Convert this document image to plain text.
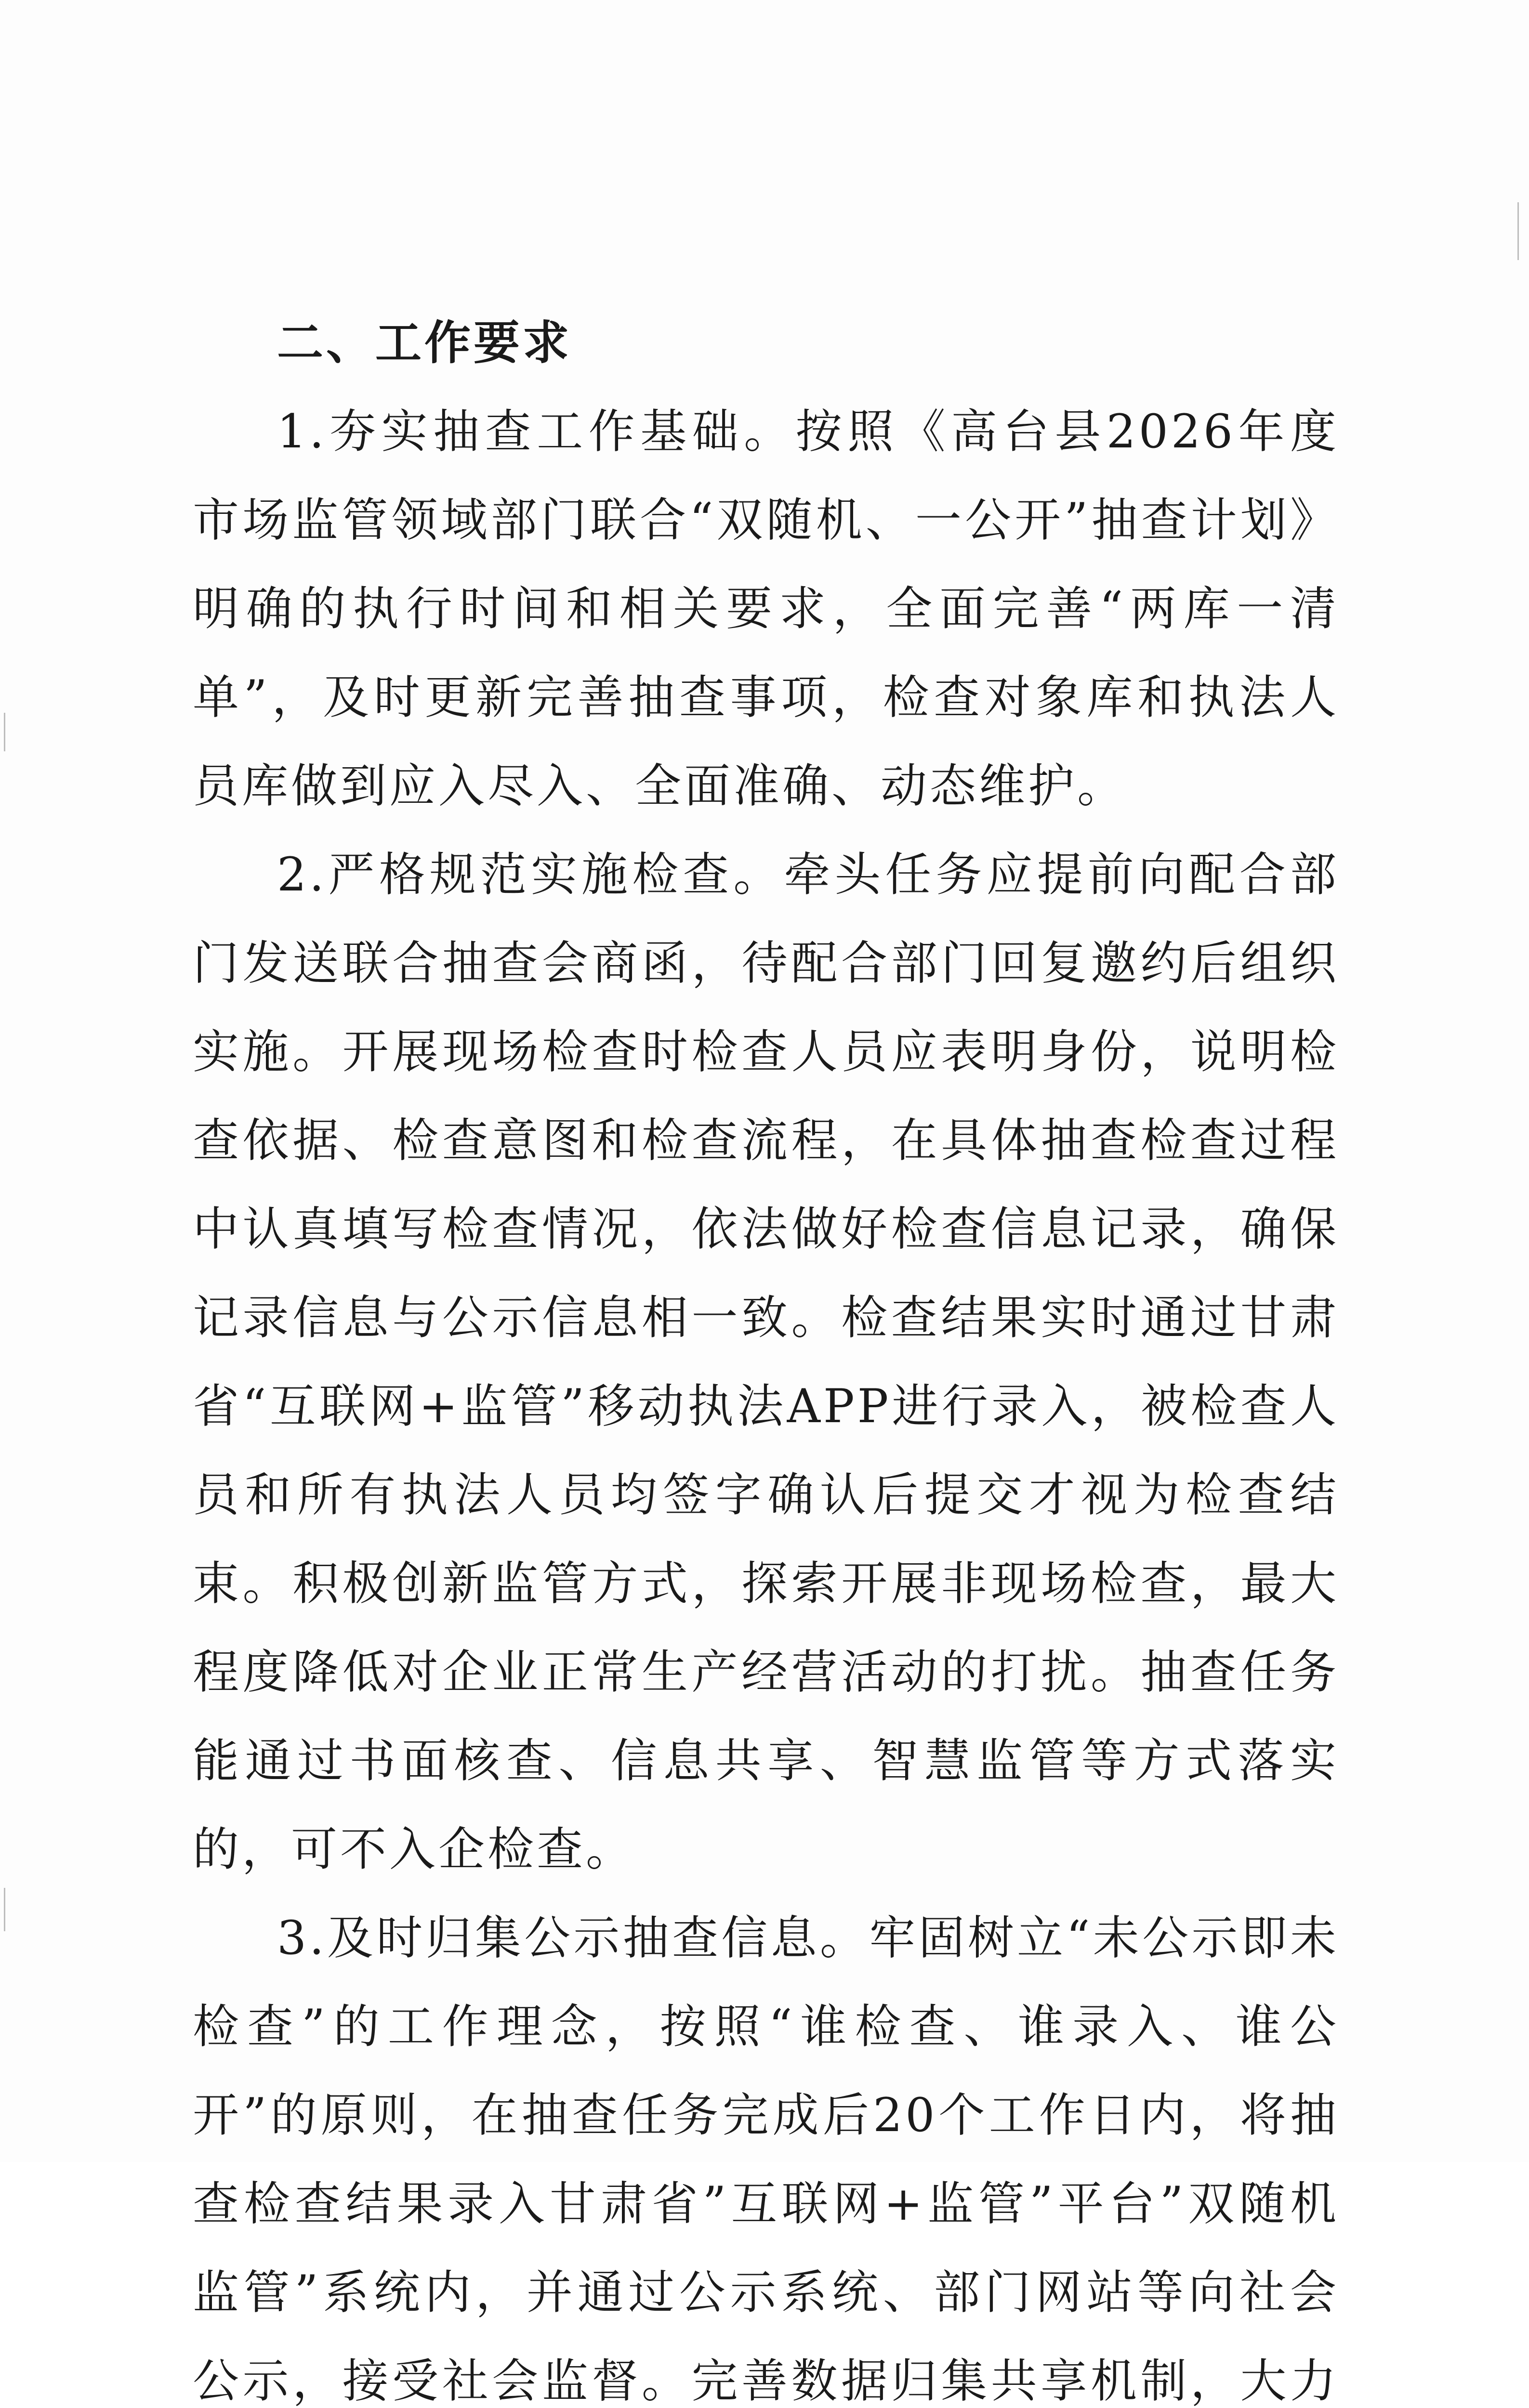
二、工作要求

1.夯实抽查工作基础。按照《高台县2026年度市场监管领域部门联合“双随机、一公开”抽查计划》明确的执行时间和相关要求，全面完善“两库一清单”，及时更新完善抽查事项，检查对象库和执法人员库做到应入尽入、全面准确、动态维护。

2.严格规范实施检查。牵头任务应提前向配合部门发送联合抽查会商函，待配合部门回复邀约后组织实施。开展现场检查时检查人员应表明身份，说明检查依据、检查意图和检查流程，在具体抽查检查过程中认真填写检查情况，依法做好检查信息记录，确保记录信息与公示信息相一致。检查结果实时通过甘肃省“互联网+监管”移动执法APP进行录入，被检查人员和所有执法人员均签字确认后提交才视为检查结束。积极创新监管方式，探索开展非现场检查，最大程度降低对企业正常生产经营活动的打扰。抽查任务能通过书面核查、信息共享、智慧监管等方式落实的，可不入企检查。

3.及时归集公示抽查信息。牢固树立“未公示即未检查”的工作理念，按照“谁检查、谁录入、谁公开”的原则，在抽查任务完成后20个工作日内，将抽查检查结果录入甘肃省”互联网+监管”平台”双随机监管”系统内，并通过公示系统、部门网站等向社会公示，接受社会监督。完善数据归集共享机制，大力
